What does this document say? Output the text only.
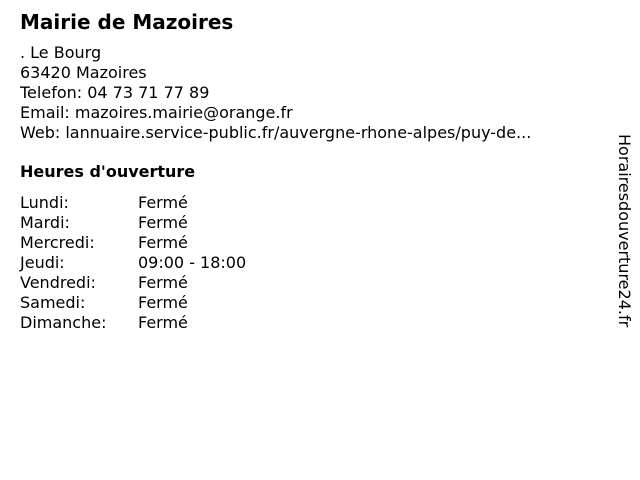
Mairie de Mazoires
. Le Bourg
63420 Mazoires
Telefon: 04 73 71 77 89
Email: mazoires.mairie@orange.fr
Web: lannuaire.service-public.fr/auvergne-rhone-alpes/puy-de...
Heures d'ouverture
Lundi:	Fermé
Mardi:	Fermé
Mercredi:	Fermé
Jeudi:	09:00 - 18:00
Vendredi:	Fermé
Samedi:	Fermé
Dimanche:	Fermé	Horairesdouverture24.fr
